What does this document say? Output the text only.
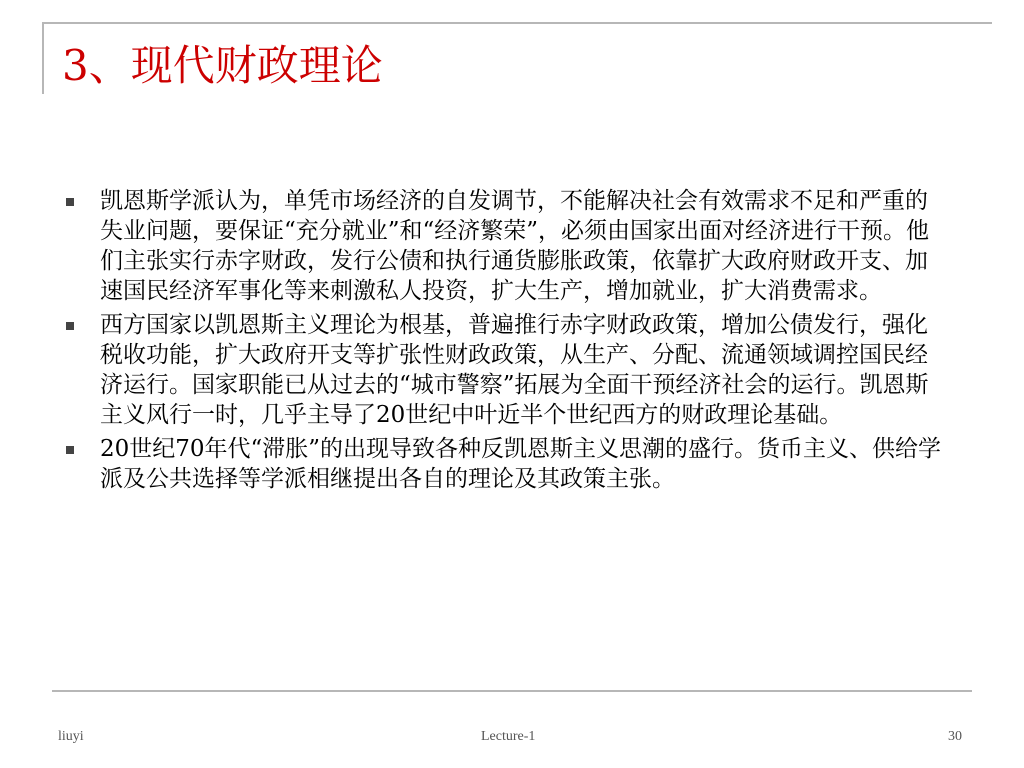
3、现代财政理论
凯恩斯学派认为，单凭市场经济的自发调节，不能解决社会有效需求不足和严重的失业问题，要保证“充分就业”和“经济繁荣”，必须由国家出面对经济进行干预。他们主张实行赤字财政，发行公债和执行通货膨胀政策，依靠扩大政府财政开支、加速国民经济军事化等来刺激私人投资，扩大生产，增加就业，扩大消费需求。
西方国家以凯恩斯主义理论为根基，普遍推行赤字财政政策，增加公债发行，强化税收功能，扩大政府开支等扩张性财政政策，从生产、分配、流通领域调控国民经济运行。国家职能已从过去的“城市警察”拓展为全面干预经济社会的运行。凯恩斯主义风行一时，几乎主导了20世纪中叶近半个世纪西方的财政理论基础。
20世纪70年代“滞胀”的出现导致各种反凯恩斯主义思潮的盛行。货币主义、供给学派及公共选择等学派相继提出各自的理论及其政策主张。
liuyi	Lecture-1	30
